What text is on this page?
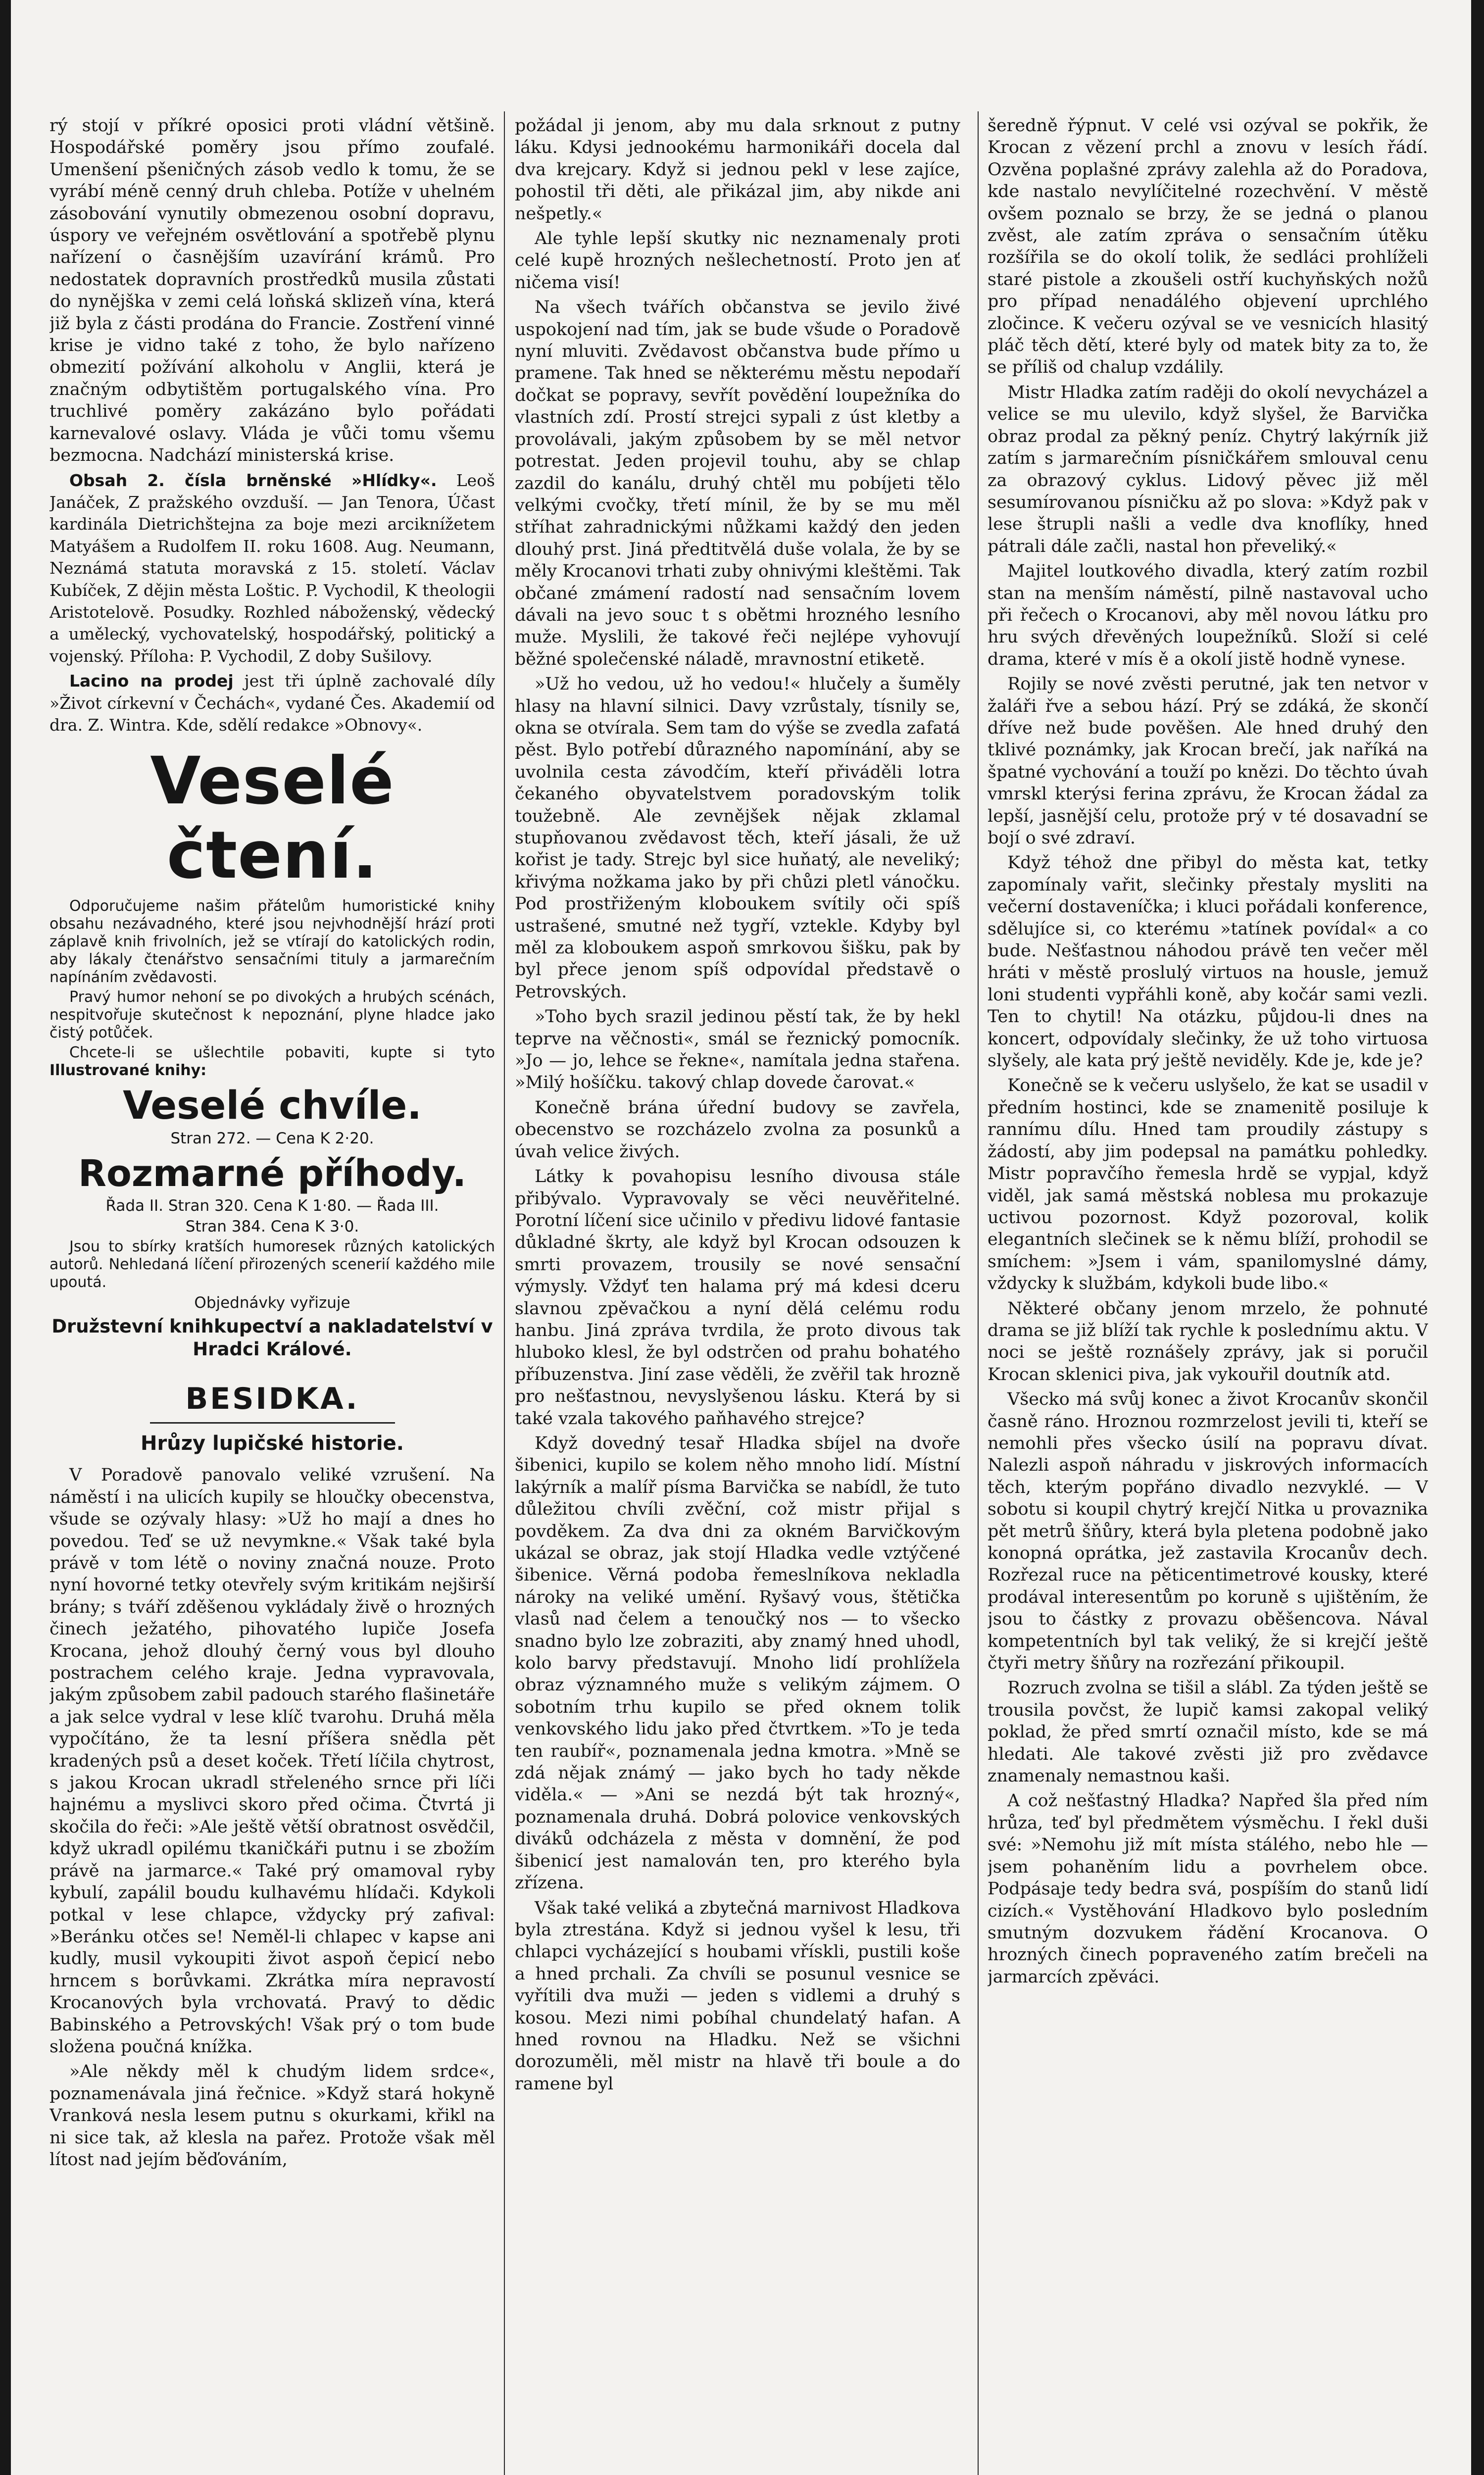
rý stojí v příkré oposici proti vládní většině. Hospodářské poměry jsou přímo zoufalé. Umenšení pšeničných zásob vedlo k tomu, že se vyrábí méně cenný druh chleba. Potíže v uhelném zásobování vynutily obmezenou osobní dopravu, úspory ve veřejném osvětlování a spotřebě plynu nařízení o časnějším uzavírání krámů. Pro nedostatek dopravních prostředků musila zůstati do nynějška v zemi celá loňská sklizeň vína, která již byla z části prodána do Francie. Zostření vinné krise je vidno také z toho, že bylo nařízeno obmezití požívání alkoholu v Anglii, která je značným odbytištěm portugalského vína. Pro truchlivé poměry zakázáno bylo pořádati karnevalové oslavy. Vláda je vůči tomu všemu bezmocna. Nadchází ministerská krise.

Obsah 2. čísla brněnské »Hlídky«. Leoš Janáček, Z pražského ovzduší. — Jan Tenora, Účast kardinála Dietrichštejna za boje mezi arciknížetem Matyášem a Rudolfem II. roku 1608. Aug. Neumann, Neznámá statuta moravská z 15. století. Václav Kubíček, Z dějin města Loštic. P. Vychodil, K theologii Aristotelově. Posudky. Rozhled náboženský, vědecký a umělecký, vychovatelský, hospodářský, politický a vojenský. Příloha: P. Vychodil, Z doby Sušilovy.

Lacino na prodej jest tři úplně zachovalé díly »Život církevní v Čechách«, vydané Čes. Akademií od dra. Z. Wintra. Kde, sdělí redakce »Obnovy«.

Veselé čtení.

Odporučujeme našim přátelům humoristické knihy obsahu nezávadného, které jsou nejvhodnější hrází proti záplavě knih frivolních, jež se vtírají do katolických rodin, aby lákaly čtenářstvo sensačními tituly a jarmarečním napínáním zvědavosti.

Pravý humor nehoní se po divokých a hrubých scénách, nespitvořuje skutečnost k nepoznání, plyne hladce jako čistý potůček.

Chcete-li se ušlechtile pobaviti, kupte si tyto Illustrované knihy:

Veselé chvíle.
Stran 272. — Cena K 2·20.
Rozmarné příhody.
Řada II. Stran 320. Cena K 1·80. — Řada III.
Stran 384. Cena K 3·0.

Jsou to sbírky kratších humoresek různých katolických autorů. Nehledaná líčení přirozených scenerií každého mile upoutá.

Objednávky vyřizuje
Družstevní knihkupectví a nakladatelství v Hradci Králové.
BESIDKA.
Hrůzy lupičské historie.

V Poradově panovalo veliké vzrušení. Na náměstí i na ulicích kupily se hloučky obecenstva, všude se ozývaly hlasy: »Už ho mají a dnes ho povedou. Teď se už nevymkne.« Však také byla právě v tom létě o noviny značná nouze. Proto nyní hovorné tetky otevřely svým kritikám nejširší brány; s tváří zděšenou vykládaly živě o hrozných činech ježatého, pihovatého lupiče Josefa Krocana, jehož dlouhý černý vous byl dlouho postrachem celého kraje. Jedna vypravovala, jakým způsobem zabil padouch starého flašinetáře a jak selce vydral v lese klíč tvarohu. Druhá měla vypočítáno, že ta lesní příšera snědla pět kradených psů a deset koček. Třetí líčila chytrost, s jakou Krocan ukradl střeleného srnce při líči hajnému a myslivci skoro před očima. Čtvrtá ji skočila do řeči: »Ale ještě větší obratnost osvědčil, když ukradl opilému tkaničkáři putnu i se zbožím právě na jarmarce.« Také prý omamoval ryby kybulí, zapálil boudu kulhavému hlídači. Kdykoli potkal v lese chlapce, vždycky prý zafival: »Beránku otčes se! Neměl-li chlapec v kapse ani kudly, musil vykoupiti život aspoň čepicí nebo hrncem s borůvkami. Zkrátka míra nepravostí Krocanových byla vrchovatá. Pravý to dědic Babinského a Petrovských! Však prý o tom bude složena poučná knížka.

»Ale někdy měl k chudým lidem srdce«, poznamenávala jiná řečnice. »Když stará hokyně Vranková nesla lesem putnu s okurkami, křikl na ni sice tak, až klesla na pařez. Protože však měl lítost nad jejím běďováním,

požádal ji jenom, aby mu dala srknout z putny láku. Kdysi jednookému harmonikáři docela dal dva krejcary. Když si jednou pekl v lese zajíce, pohostil tři děti, ale přikázal jim, aby nikde ani nešpetly.«

Ale tyhle lepší skutky nic neznamenaly proti celé kupě hrozných nešlechetností. Proto jen ať ničema visí!

Na všech tvářích občanstva se jevilo živé uspokojení nad tím, jak se bude všude o Poradově nyní mluviti. Zvědavost občanstva bude přímo u pramene. Tak hned se některému městu nepodaří dočkat se popravy, sevřít povědění loupežníka do vlastních zdí. Prostí strejci sypali z úst kletby a provolávali, jakým způsobem by se měl netvor potrestat. Jeden projevil touhu, aby se chlap zazdil do kanálu, druhý chtěl mu pobíjeti tělo velkými cvočky, třetí mínil, že by se mu měl stříhat zahradnickými nůžkami každý den jeden dlouhý prst. Jiná předtitvělá duše volala, že by se měly Krocanovi trhati zuby ohnivými kleštěmi. Tak občané zmámení radostí nad sensačním lovem dávali na jevo souc t s obětmi hrozného lesního muže. Myslili, že takové řeči nejlépe vyhovují běžné společenské náladě, mravnostní etiketě.

»Už ho vedou, už ho vedou!« hlučely a šuměly hlasy na hlavní silnici. Davy vzrůstaly, tísnily se, okna se otvírala. Sem tam do výše se zvedla zafatá pěst. Bylo potřebí důrazného napomínání, aby se uvolnila cesta závodčím, kteří přiváděli lotra čekaného obyvatelstvem poradovským tolik toužebně. Ale zevnějšek nějak zklamal stupňovanou zvědavost těch, kteří jásali, že už kořist je tady. Strejc byl sice huňatý, ale neveliký; křivýma nožkama jako by při chůzi pletl vánočku. Pod prostřiženým kloboukem svítily oči spíš ustrašené, smutné než tygří, vztekle. Kdyby byl měl za kloboukem aspoň smrkovou šišku, pak by byl přece jenom spíš odpovídal představě o Petrovských.

»Toho bych srazil jedinou pěstí tak, že by hekl teprve na věčnosti«, smál se řeznický pomocník. »Jo — jo, lehce se řekne«, namítala jedna stařena. »Milý hošíčku. takový chlap dovede čarovat.«

Konečně brána úřední budovy se zavřela, obecenstvo se rozcházelo zvolna za posunků a úvah velice živých.

Látky k povahopisu lesního divousa stále přibývalo. Vypravovaly se věci neuvěřitelné. Porotní líčení sice učinilo v předivu lidové fantasie důkladné škrty, ale když byl Krocan odsouzen k smrti provazem, trousily se nové sensační výmysly. Vždyť ten halama prý má kdesi dceru slavnou zpěvačkou a nyní dělá celému rodu hanbu. Jiná zpráva tvrdila, že proto divous tak hluboko klesl, že byl odstrčen od prahu bohatého příbuzenstva. Jiní zase věděli, že zvěřil tak hrozně pro nešťastnou, nevyslyšenou lásku. Která by si také vzala takového paňhavého strejce?

Když dovedný tesař Hladka sbíjel na dvoře šibenici, kupilo se kolem něho mnoho lidí. Místní lakýrník a malíř písma Barvička se nabídl, že tuto důležitou chvíli zvěční, což mistr přijal s povděkem. Za dva dni za okném Barvičkovým ukázal se obraz, jak stojí Hladka vedle vztýčené šibenice. Věrná podoba řemeslníkova nekladla nároky na veliké umění. Ryšavý vous, štětička vlasů nad čelem a tenoučký nos — to všecko snadno bylo lze zobraziti, aby znamý hned uhodl, kolo barvy představují. Mnoho lidí prohlížela obraz významného muže s velikým zájmem. O sobotním trhu kupilo se před oknem tolik venkovského lidu jako před čtvrtkem. »To je teda ten raubíř«, poznamenala jedna kmotra. »Mně se zdá nějak známý — jako bych ho tady někde viděla.« — »Ani se nezdá být tak hrozný«, poznamenala druhá. Dobrá polovice venkovských diváků odcházela z města v domnění, že pod šibenicí jest namalován ten, pro kterého byla zřízena.

Však také veliká a zbytečná marnivost Hladkova byla ztrestána. Když si jednou vyšel k lesu, tři chlapci vycházející s houbami vřískli, pustili koše a hned prchali. Za chvíli se posunul vesnice se vyřítili dva muži — jeden s vidlemi a druhý s kosou. Mezi nimi pobíhal chundelatý hafan. A hned rovnou na Hladku. Než se všichni dorozuměli, měl mistr na hlavě tři boule a do ramene byl

šeredně řýpnut. V celé vsi ozýval se pokřik, že Krocan z vězení prchl a znovu v lesích řádí. Ozvěna poplašné zprávy zalehla až do Poradova, kde nastalo nevylíčitelné rozechvění. V městě ovšem poznalo se brzy, že se jedná o planou zvěst, ale zatím zpráva o sensačním útěku rozšířila se do okolí tolik, že sedláci prohlíželi staré pistole a zkoušeli ostří kuchyňských nožů pro případ nenadálého objevení uprchlého zločince. K večeru ozýval se ve vesnicích hlasitý pláč těch dětí, které byly od matek bity za to, že se příliš od chalup vzdálily.

Mistr Hladka zatím raději do okolí nevycházel a velice se mu ulevilo, když slyšel, že Barvička obraz prodal za pěkný peníz. Chytrý lakýrník již zatím s jarmarečním písničkářem smlouval cenu za obrazový cyklus. Lidový pěvec již měl sesumírovanou písničku až po slova: »Když pak v lese štrupli našli a vedle dva knoflíky, hned pátrali dále začli, nastal hon převeliký.«

Majitel loutkového divadla, který zatím rozbil stan na menším náměstí, pilně nastavoval ucho při řečech o Krocanovi, aby měl novou látku pro hru svých dřevěných loupežníků. Složí si celé drama, které v mís ě a okolí jistě hodně vynese.

Rojily se nové zvěsti perutné, jak ten netvor v žaláři řve a sebou hází. Prý se zdáká, že skončí dříve než bude pověšen. Ale hned druhý den tklivé poznámky, jak Krocan brečí, jak naříká na špatné vychování a touží po knězi. Do těchto úvah vmrskl kterýsi ferina zprávu, že Krocan žádal za lepší, jasnější celu, protože prý v té dosavadní se bojí o své zdraví.

Když téhož dne přibyl do města kat, tetky zapomínaly vařit, slečinky přestaly mysliti na večerní dostaveníčka; i kluci pořádali konference, sdělujíce si, co kterému »tatínek povídal« a co bude. Nešťastnou náhodou právě ten večer měl hráti v městě proslulý virtuos na housle, jemuž loni studenti vypřáhli koně, aby kočár sami vezli. Ten to chytil! Na otázku, půjdou-li dnes na koncert, odpovídaly slečinky, že už toho virtuosa slyšely, ale kata prý ještě neviděly. Kde je, kde je?

Konečně se k večeru uslyšelo, že kat se usadil v předním hostinci, kde se znamenitě posiluje k rannímu dílu. Hned tam proudily zástupy s žádostí, aby jim podepsal na památku pohledky. Mistr popravčího řemesla hrdě se vypjal, když viděl, jak samá městská noblesa mu prokazuje uctivou pozornost. Když pozoroval, kolik elegantních slečinek se k němu blíží, prohodil se smíchem: »Jsem i vám, spanilomyslné dámy, vždycky k službám, kdykoli bude libo.«

Některé občany jenom mrzelo, že pohnuté drama se již blíží tak rychle k poslednímu aktu. V noci se ještě roznášely zprávy, jak si poručil Krocan sklenici piva, jak vykouřil doutník atd.

Všecko má svůj konec a život Krocanův skončil časně ráno. Hroznou rozmrzelost jevili ti, kteří se nemohli přes všecko úsilí na popravu dívat. Nalezli aspoň náhradu v jiskrových informacích těch, kterým popřáno divadlo nezvyklé. — V sobotu si koupil chytrý krejčí Nitka u provaznika pět metrů šňůry, která byla pletena podobně jako konopná oprátka, jež zastavila Krocanův dech. Rozřezal ruce na pěticentimetrové kousky, které prodával interesentům po koruně s ujištěním, že jsou to částky z provazu oběšencova. Nával kompetentních byl tak veliký, že si krejčí ještě čtyři metry šňůry na rozřezání přikoupil.

Rozruch zvolna se tišil a slábl. Za týden ještě se trousila povčst, že lupič kamsi zakopal veliký poklad, že před smrtí označil místo, kde se má hledati. Ale takové zvěsti již pro zvědavce znamenaly nemastnou kaši.

A což nešťastný Hladka? Napřed šla před ním hrůza, teď byl předmětem výsměchu. I řekl duši své: »Nemohu již mít místa stálého, nebo hle — jsem pohaněním lidu a povrhelem obce. Podpásaje tedy bedra svá, pospíším do stanů lidí cizích.« Vystěhování Hladkovo bylo posledním smutným dozvukem řádění Krocanova. O hrozných činech popraveného zatím brečeli na jarmarcích zpěváci.
